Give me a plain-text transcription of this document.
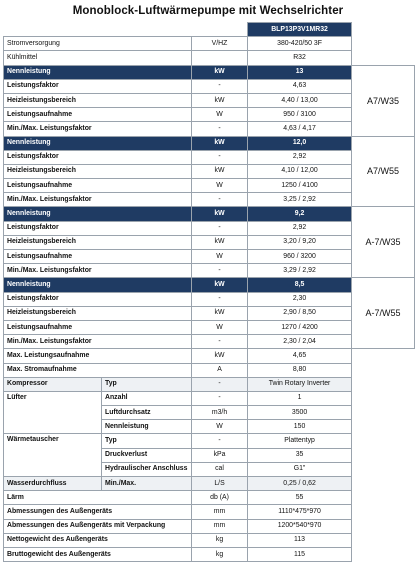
Monoblock-Luftwärmepumpe mit Wechselrichter
			BLP13P3V1MR32	
Stromversorgung		V/HZ	380-420/50 3F	
Kühlmittel			R32	
Nennleistung		kW	13	A7/W35
Leistungsfaktor		-	4,63	
Heizleistungsbereich		kW	4,40 / 13,00	
Leistungsaufnahme		W	950 / 3100	
Min./Max. Leistungsfaktor		-	4,63 / 4,17	
Nennleistung		kW	12,0	A7/W55
Leistungsfaktor		-	2,92	
Heizleistungsbereich		kW	4,10 / 12,00	
Leistungsaufnahme		W	1250 / 4100	
Min./Max. Leistungsfaktor		-	3,25 / 2,92	
Nennleistung		kW	9,2	A-7/W35
Leistungsfaktor		-	2,92	
Heizleistungsbereich		kW	3,20 / 9,20	
Leistungsaufnahme		W	960 / 3200	
Min./Max. Leistungsfaktor		-	3,29 / 2,92	
Nennleistung		kW	8,5	A-7/W55
Leistungsfaktor		-	2,30	
Heizleistungsbereich		kW	2,90 / 8,50	
Leistungsaufnahme		W	1270 / 4200	
Min./Max. Leistungsfaktor		-	2,30 / 2,04	
Max. Leistungsaufnahme		kW	4,65	
Max. Stromaufnahme		A	8,80	
Kompressor	Typ	-	Twin Rotary Inverter	
Lüfter	Anzahl	-	1	
	Luftdurchsatz	m3/h	3500	
	Nennleistung	W	150	
Wärmetauscher	Typ	-	Plattentyp	
	Druckverlust	kPa	35	
	Hydraulischer Anschluss	cal	G1"	
Wasserdurchfluss	Min./Max.	L/S	0,25 / 0,62	
Lärm		db (A)	55	
Abmessungen des Außengeräts		mm	1110*475*970	
Abmessungen des Außengeräts mit Verpackung		mm	1200*540*970	
Nettogewicht des Außengeräts		kg	113	
Bruttogewicht des Außengeräts		kg	115	
